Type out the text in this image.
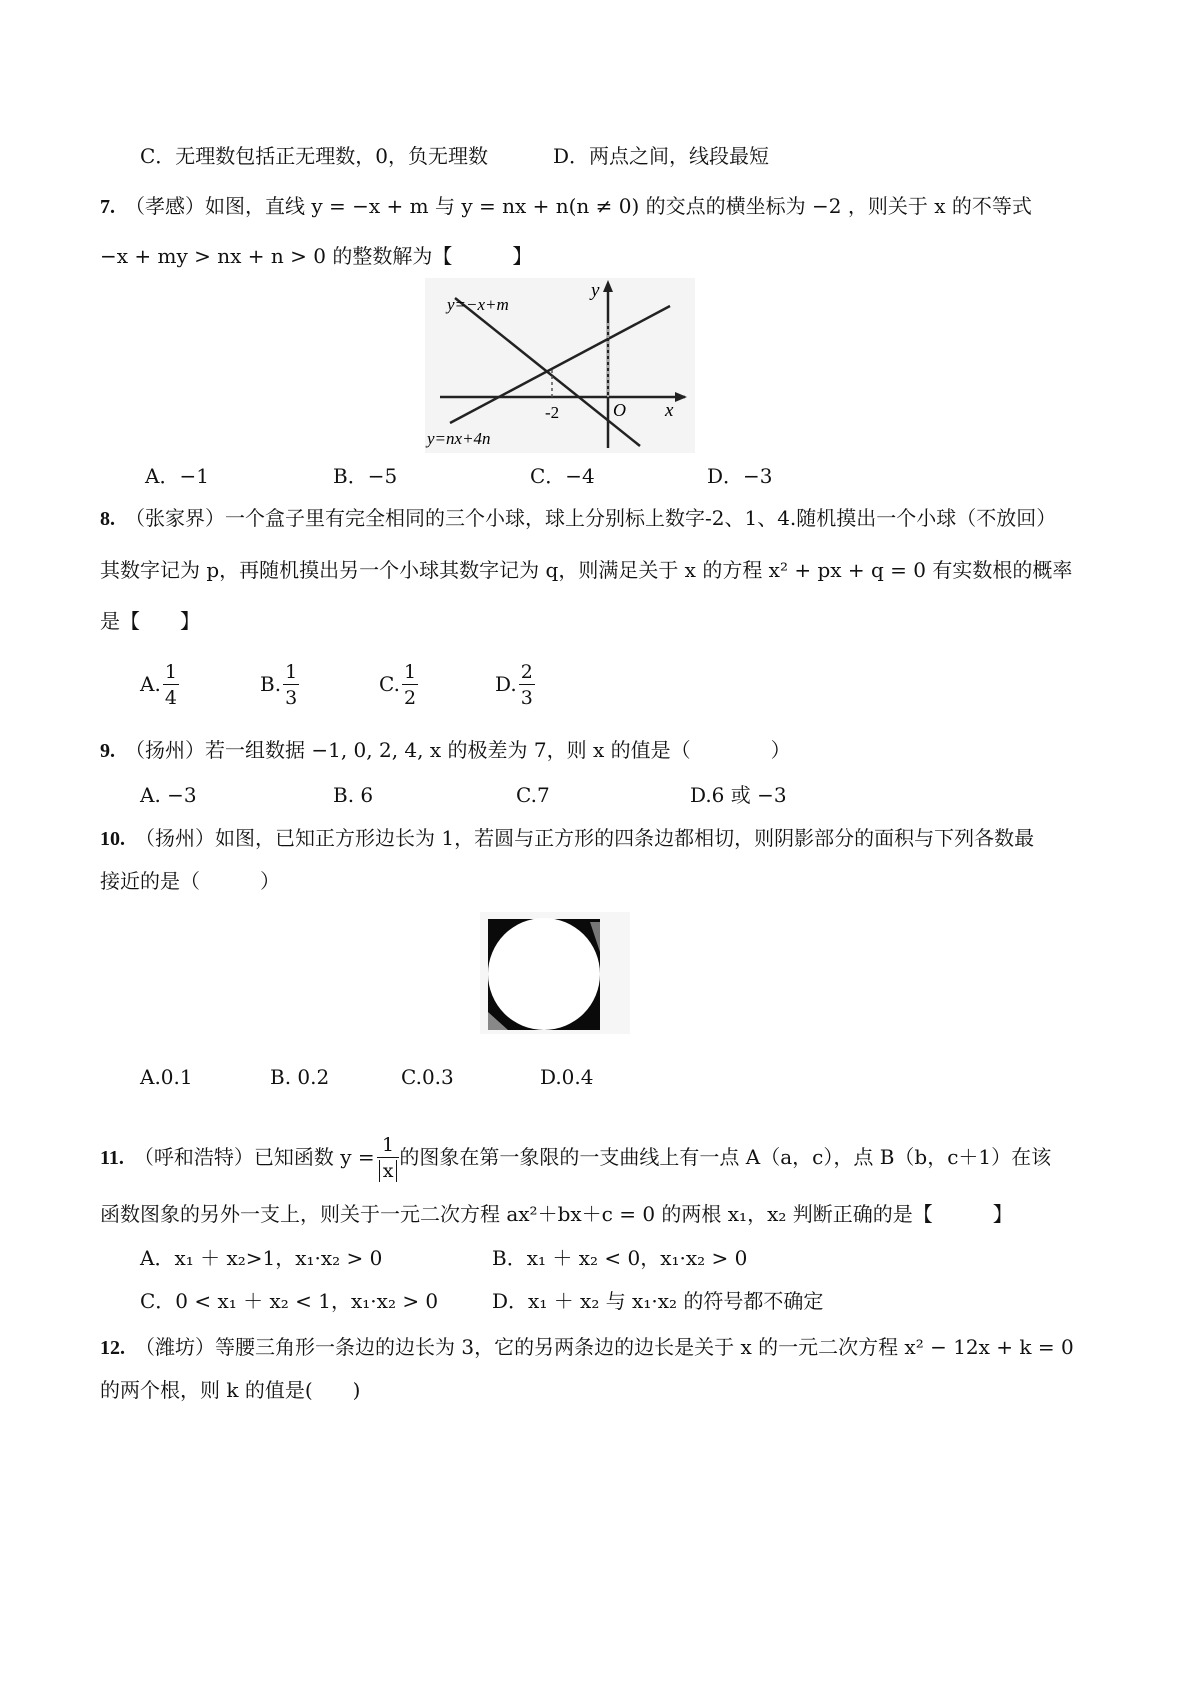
C．无理数包括正无理数，0，负无理数	D．两点之间，线段最短
7. （孝感）如图，直线 y = −x + m 与 y = nx + n(n ≠ 0) 的交点的横坐标为 −2 ，则关于 x 的不等式
−x + my > nx + n > 0 的整数解为【　　　】
y=−x+m
y=nx+4n
y
x
O
-2
A．−1	B．−5	C．−4	D．−3
8. （张家界）一个盒子里有完全相同的三个小球，球上分别标上数字-2、1、4.随机摸出一个小球（不放回）
其数字记为 p，再随机摸出另一个小球其数字记为 q，则满足关于 x 的方程 x² + px + q = 0 有实数根的概率
是【　　】
A. $\frac{1}{4}$	B. $\frac{1}{3}$	C. $\frac{1}{2}$	D. $\frac{2}{3}$
9. （扬州）若一组数据 −1, 0, 2, 4, x 的极差为 7，则 x 的值是（　　　　）
A. −3	B. 6	C.7	D.6 或 −3
10. （扬州）如图，已知正方形边长为 1，若圆与正方形的四条边都相切，则阴影部分的面积与下列各数最
接近的是（　　　）
A.0.1	B. 0.2	C.0.3	D.0.4
11. （呼和浩特）已知函数 $y = \frac{1}{x}$ 的图象在第一象限的一支曲线上有一点 A（a，c），点 B（b，c＋1）在该
函数图象的另外一支上，则关于一元二次方程 ax²＋bx＋c = 0 的两根 x₁，x₂ 判断正确的是【　　　】
A．x₁ ＋ x₂>1，x₁·x₂ > 0	B．x₁ ＋ x₂ < 0，x₁·x₂ > 0
C．0 < x₁ ＋ x₂ < 1，x₁·x₂ > 0	D．x₁ ＋ x₂ 与 x₁·x₂ 的符号都不确定
12. （潍坊）等腰三角形一条边的边长为 3，它的另两条边的边长是关于 x 的一元二次方程 x² − 12x + k = 0
的两个根，则 k 的值是(　　)
